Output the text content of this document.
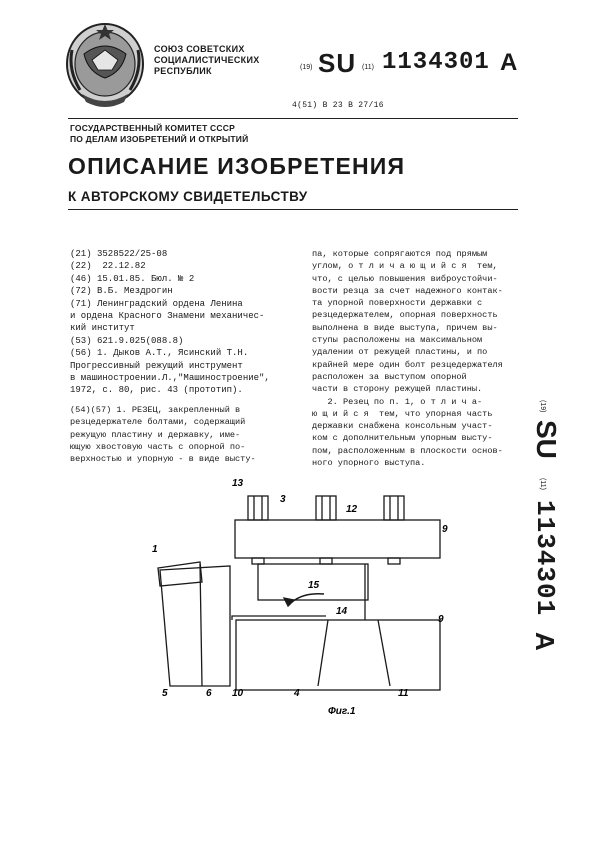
СОЮЗ СОВЕТСКИХ
СОЦИАЛИСТИЧЕСКИХ
РЕСПУБЛИК	(19) SU (11) 1134301 A
4(51) B 23 B 27/16
ГОСУДАРСТВЕННЫЙ КОМИТЕТ СССР
ПО ДЕЛАМ ИЗОБРЕТЕНИЙ И ОТКРЫТИЙ
ОПИСАНИЕ ИЗОБРЕТЕНИЯ
К АВТОРСКОМУ СВИДЕТЕЛЬСТВУ
(21) 3528522/25-08
(22)  22.12.82
(46) 15.01.85. Бюл. № 2
(72) В.Б. Мездрогин
(71) Ленинградский ордена Ленина
и ордена Красного Знамени механичес-
кий институт
(53) 621.9.025(088.8)
(56) 1. Дыков А.Т., Ясинский Т.Н.
Прогрессивный режущий инструмент
в машиностроении.Л.,"Машиностроение",
1972, с. 80, рис. 43 (прототип).
(54)(57) 1. РЕЗЕЦ, закрепленный в
резцедержателе болтами, содержащий
режущую пластину и державку, име-
ющую хвостовую часть с опорной по-
верхностью и упорную - в виде высту-
па, которые сопрягаются под прямым
углом, о т л и ч а ю щ и й с я  тем,
что, с целью повышения виброустойчи-
вости резца за счет надежного контак-
та упорной поверхности державки с
резцедержателем, опорная поверхность
выполнена в виде выступа, причем вы-
ступы расположены на максимальном
удалении от режущей пластины, и по
крайней мере один болт резцедержателя
расположен за выступом опорной
части в сторону режущей пластины.
2. Резец по п. 1, о т л и ч а-
ю щ и й с я  тем, что упорная часть
державки снабжена консольным участ-
ком с дополнительным упорным высту-
пом, расположенным в плоскости основ-
ного упорного выступа.
(19)
SU
(11)
1134301
A
13
3
12
9
1
15
14
9
5	6 10	4	11
Фиг.1
